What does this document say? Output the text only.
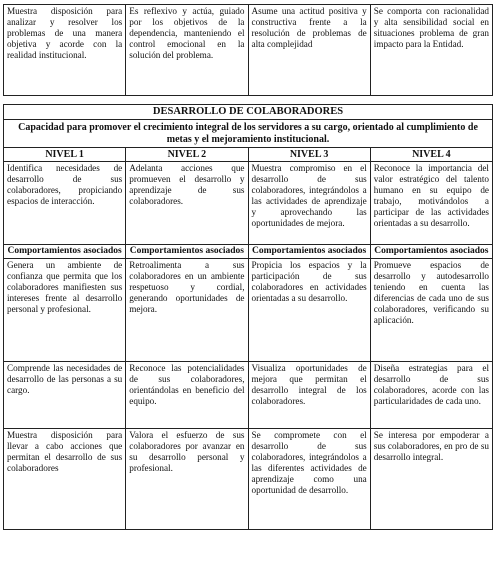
Muestra disposición para analizar y resolver los problemas de una manera objetiva y acorde con la realidad institucional.	Es reflexivo y actúa, guiado por los objetivos de la dependencia, manteniendo el control emocional en la solución del problema.	Asume una actitud positiva y constructiva frente a la resolución de problemas de alta complejidad	Se comporta con racionalidad y alta sensibilidad social en situaciones problema de gran impacto para la Entidad.
DESARROLLO DE COLABORADORES			
Capacidad para promover el crecimiento integral de los servidores a su cargo, orientado al cumplimiento de metas y el mejoramiento institucional.			
NIVEL 1	NIVEL 2	NIVEL 3	NIVEL 4
Identifica necesidades de desarrollo de sus colaboradores, propiciando espacios de interacción.	Adelanta acciones que promueven el desarrollo y aprendizaje de sus colaboradores.	Muestra compromiso en el desarrollo de sus colaboradores, integrándolos a las actividades de aprendizaje y aprovechando las oportunidades de mejora.	Reconoce la importancia del valor estratégico del talento humano en su equipo de trabajo, motivándolos a participar de las actividades orientadas a su desarrollo.
Comportamientos asociados	Comportamientos asociados	Comportamientos asociados	Comportamientos asociados
Genera un ambiente de confianza que permita que los colaboradores manifiesten sus intereses frente al desarrollo personal y profesional.	Retroalimenta a sus colaboradores en un ambiente respetuoso y cordial, generando oportunidades de mejora.	Propicia los espacios y la participación de sus colaboradores en actividades orientadas a su desarrollo.	Promueve espacios de desarrollo y autodesarrollo teniendo en cuenta las diferencias de cada uno de sus colaboradores, verificando su aplicación.
Comprende las necesidades de desarrollo de las personas a su cargo.	Reconoce las potencialidades de sus colaboradores, orientándolas en beneficio del equipo.	Visualiza oportunidades de mejora que permitan el desarrollo integral de los colaboradores.	Diseña estrategias para el desarrollo de sus colaboradores, acorde con las particularidades de cada uno.
Muestra disposición para llevar a cabo acciones que permitan el desarrollo de sus colaboradores	Valora el esfuerzo de sus colaboradores por avanzar en su desarrollo personal y profesional.	Se compromete con el desarrollo de sus colaboradores, integrándolos a las diferentes actividades de aprendizaje como una oportunidad de desarrollo.	Se interesa por empoderar a sus colaboradores, en pro de su desarrollo integral.
